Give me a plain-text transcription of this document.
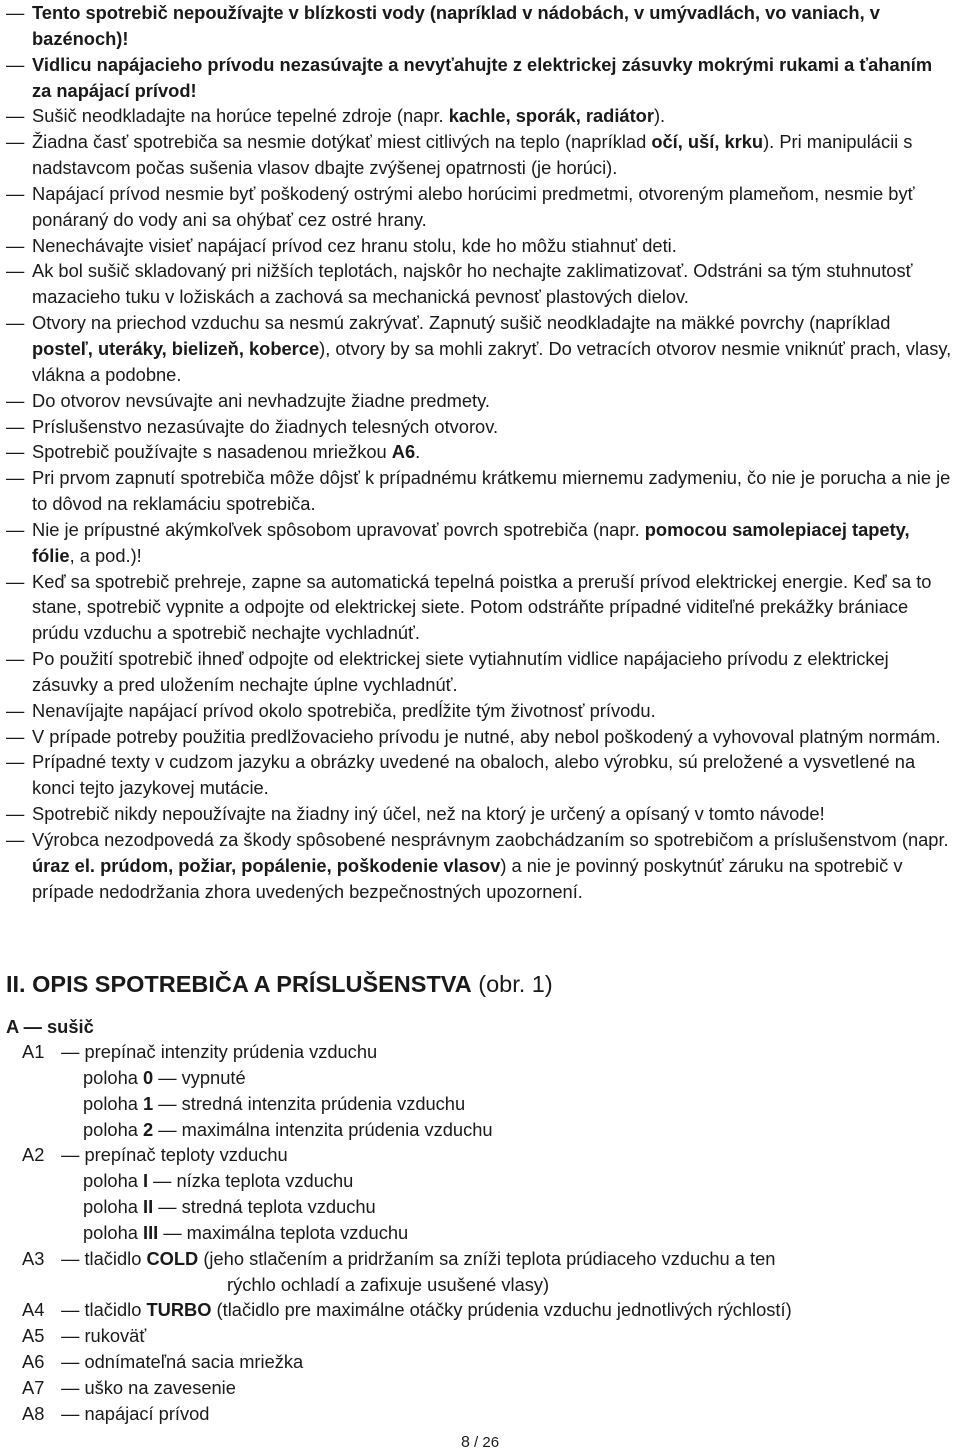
— Tento spotrebič nepoužívajte v blízkosti vody (napríklad v nádobách, v umývadlách, vo vaniach, v bazénoch)!
— Vidlicu napájacieho prívodu nezasúvajte a nevyťahujte z elektrickej zásuvky mokrými rukami a ťahaním za napájací prívod!
— Sušič neodkladajte na horúce tepelné zdroje (napr. kachle, sporák, radiátor).
— Žiadna časť spotrebiča sa nesmie dotýkať miest citlivých na teplo (napríklad očí, uší, krku). Pri manipulácii s nadstavcom počas sušenia vlasov dbajte zvýšenej opatrnosti (je horúci).
— Napájací prívod nesmie byť poškodený ostrými alebo horúcimi predmetmi, otvoreným plameňom, nesmie byť ponáraný do vody ani sa ohýbať cez ostré hrany.
— Nenechávajte visieť napájací prívod cez hranu stolu, kde ho môžu stiahnuť deti.
— Ak bol sušič skladovaný pri nižších teplotách, najskôr ho nechajte zaklimatizovať. Odstráni sa tým stuhnutosť mazacieho tuku v ložiskách a zachová sa mechanická pevnosť plastových dielov.
— Otvory na priechod vzduchu sa nesmú zakrývať. Zapnutý sušič neodkladajte na mäkké povrchy (napríklad posteľ, uteráky, bielizeň, koberce), otvory by sa mohli zakryť. Do vetracích otvorov nesmie vniknúť prach, vlasy, vlákna a podobne.
— Do otvorov nevsúvajte ani nevhadzujte žiadne predmety.
— Príslušenstvo nezasúvajte do žiadnych telesných otvorov.
— Spotrebič používajte s nasadenou mriežkou A6.
— Pri prvom zapnutí spotrebiča môže dôjsť k prípadnému krátkemu miernemu zadymeniu, čo nie je porucha a nie je to dôvod na reklamáciu spotrebiča.
— Nie je prípustné akýmkoľvek spôsobom upravovať povrch spotrebiča (napr. pomocou samolepiacej tapety, fólie, a pod.)!
— Keď sa spotrebič prehreje, zapne sa automatická tepelná poistka a preruší prívod elektrickej energie. Keď sa to stane, spotrebič vypnite a odpojte od elektrickej siete. Potom odstráňte prípadné viditeľné prekážky brániace prúdu vzduchu a spotrebič nechajte vychladnúť.
— Po použití spotrebič ihneď odpojte od elektrickej siete vytiahnutím vidlice napájacieho prívodu z elektrickej zásuvky a pred uložením nechajte úplne vychladnúť.
— Nenavíjajte napájací prívod okolo spotrebiča, predĺžite tým životnosť prívodu.
— V prípade potreby použitia predlžovacieho prívodu je nutné, aby nebol poškodený a vyhovoval platným normám.
— Prípadné texty v cudzom jazyku a obrázky uvedené na obaloch, alebo výrobku, sú preložené a vysvetlené na konci tejto jazykovej mutácie.
— Spotrebič nikdy nepoužívajte na žiadny iný účel, než na ktorý je určený a opísaný v tomto návode!
— Výrobca nezodpovedá za škody spôsobené nesprávnym zaobchádzaním so spotrebičom a príslušenstvom (napr. úraz el. prúdom, požiar, popálenie, poškodenie vlasov) a nie je povinný poskytnúť záruku na spotrebič v prípade nedodržania zhora uvedených bezpečnostných upozornení.
II. OPIS SPOTREBIČA A PRÍSLUŠENSTVA (obr. 1)
A — sušič
A1 — prepínač intenzity prúdenia vzduchu
poloha 0 — vypnuté
poloha 1 — stredná intenzita prúdenia vzduchu
poloha 2 — maximálna intenzita prúdenia vzduchu
A2 — prepínač teploty vzduchu
poloha I — nízka teplota vzduchu
poloha II — stredná teplota vzduchu
poloha III — maximálna teplota vzduchu
A3 — tlačidlo COLD (jeho stlačením a pridržaním sa zníži teplota prúdiaceho vzduchu a ten
rýchlo ochladí a zafixuje usušené vlasy)
A4 — tlačidlo TURBO (tlačidlo pre maximálne otáčky prúdenia vzduchu jednotlivých rýchlostí)
A5 — rukoväť
A6 — odnímateľná sacia mriežka
A7 — uško na zavesenie
A8 — napájací prívod
8 / 26
